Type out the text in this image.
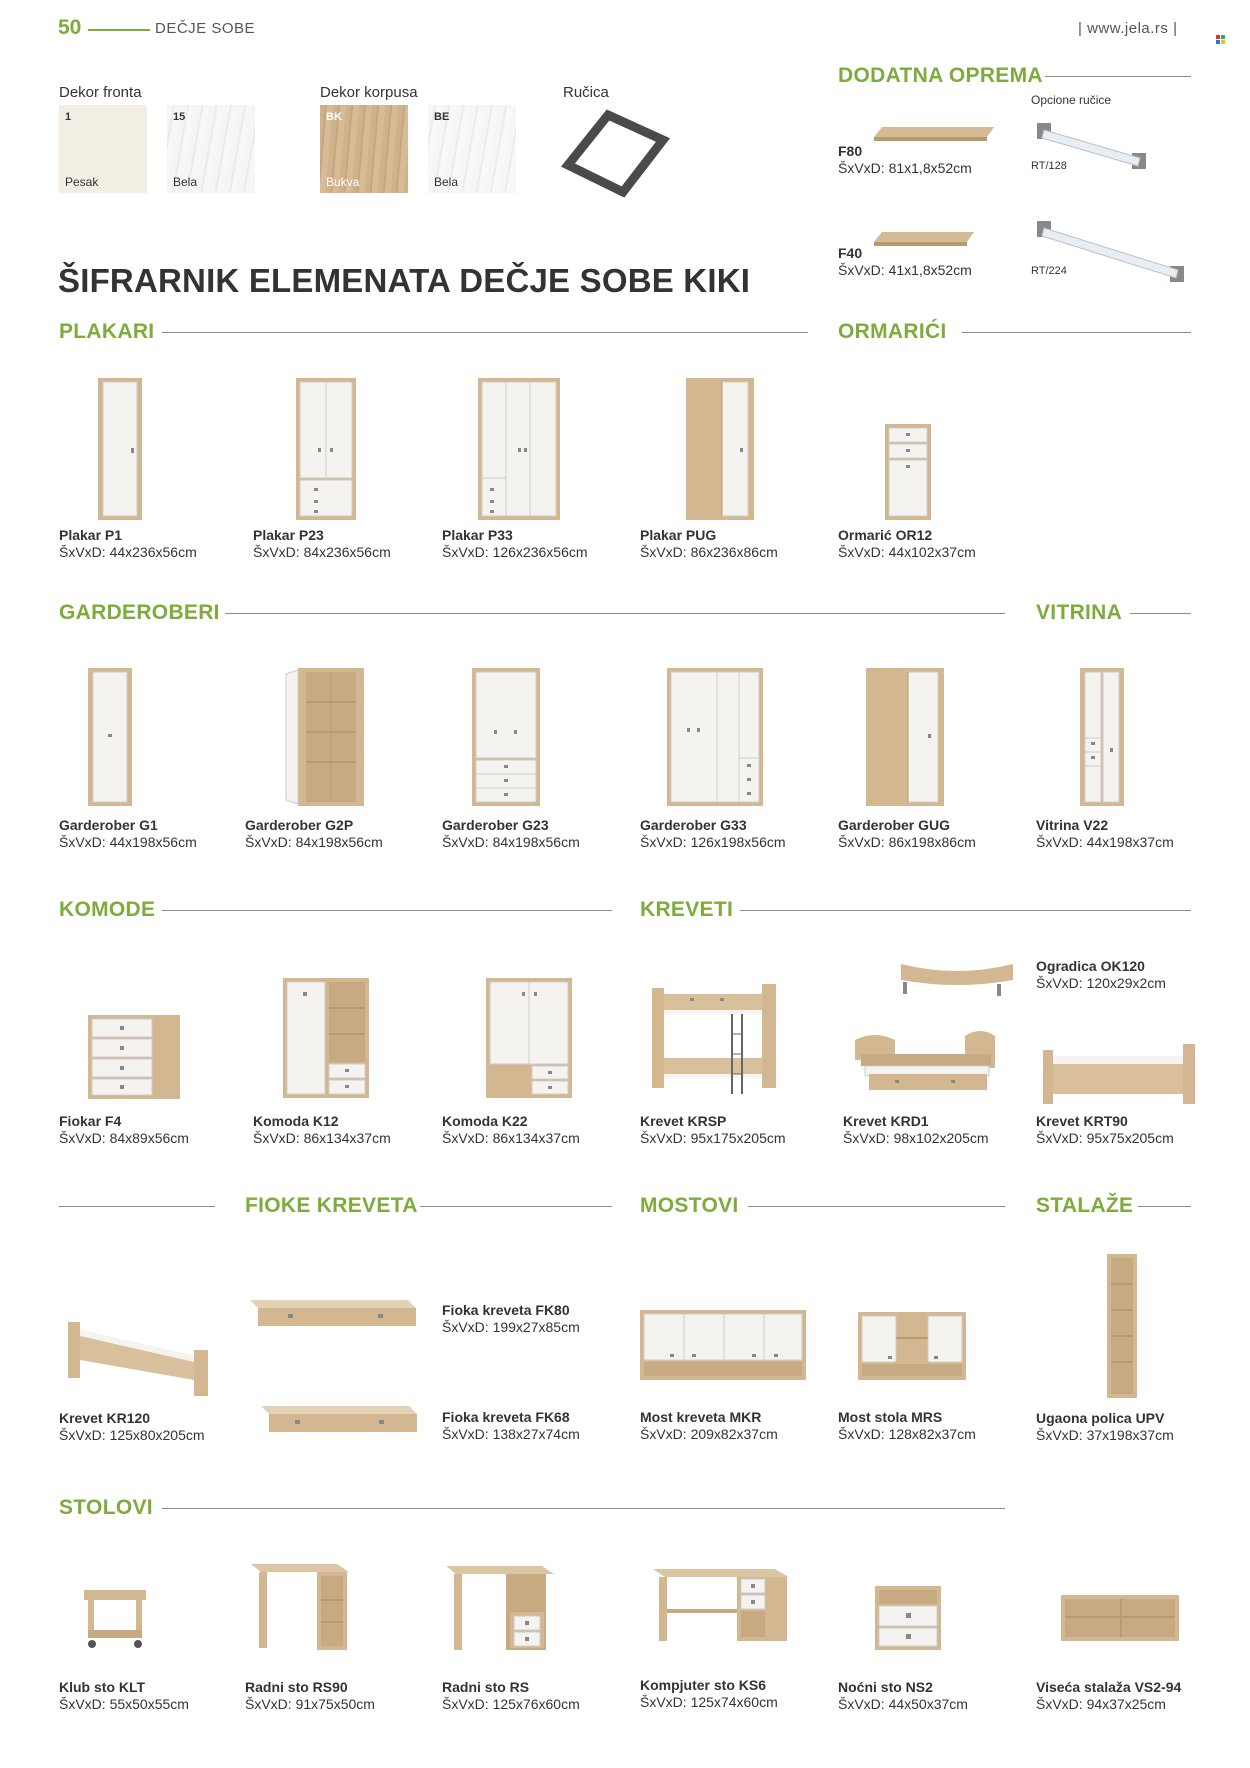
50	DEČJE SOBE	| www.jela.rs |
Dekor fronta	Dekor korpusa	Ručica
1
Pesak
15
Bela
BK
Bukva
BE
Bela
DODATNA OPREMA
Opcione ručice
F80
ŠxVxD: 81x1,8x52cm
F40
ŠxVxD: 41x1,8x52cm
RT/128
RT/224
ŠIFRARNIK ELEMENATA DEČJE SOBE KIKI
PLAKARI	ORMARIĆI
Plakar P1
ŠxVxD: 44x236x56cm
Plakar P23
ŠxVxD: 84x236x56cm
Plakar P33
ŠxVxD: 126x236x56cm
Plakar PUG
ŠxVxD: 86x236x86cm
Ormarić OR12
ŠxVxD: 44x102x37cm
GARDEROBERI	VITRINA
Garderober G1
ŠxVxD: 44x198x56cm
Garderober G2P
ŠxVxD: 84x198x56cm
Garderober G23
ŠxVxD: 84x198x56cm
Garderober G33
ŠxVxD: 126x198x56cm
Garderober GUG
ŠxVxD: 86x198x86cm
Vitrina V22
ŠxVxD: 44x198x37cm
KOMODE	KREVETI
Fiokar F4
ŠxVxD: 84x89x56cm
Komoda K12
ŠxVxD: 86x134x37cm
Komoda K22
ŠxVxD: 86x134x37cm
Krevet KRSP
ŠxVxD: 95x175x205cm
Krevet KRD1
ŠxVxD: 98x102x205cm
Krevet KRT90
ŠxVxD: 95x75x205cm
Ogradica OK120
ŠxVxD: 120x29x2cm
FIOKE KREVETA	MOSTOVI	STALAŽE
Krevet KR120
ŠxVxD: 125x80x205cm
Fioka kreveta FK80
ŠxVxD: 199x27x85cm
Fioka kreveta FK68
ŠxVxD: 138x27x74cm
Most kreveta MKR
ŠxVxD: 209x82x37cm
Most stola MRS
ŠxVxD: 128x82x37cm
Ugaona polica UPV
ŠxVxD: 37x198x37cm
STOLOVI
Klub sto KLT
ŠxVxD: 55x50x55cm
Radni sto RS90
ŠxVxD: 91x75x50cm
Radni sto RS
ŠxVxD: 125x76x60cm
Kompjuter sto KS6
ŠxVxD: 125x74x60cm
Noćni sto NS2
ŠxVxD: 44x50x37cm
Viseća stalaža VS2-94
ŠxVxD: 94x37x25cm
